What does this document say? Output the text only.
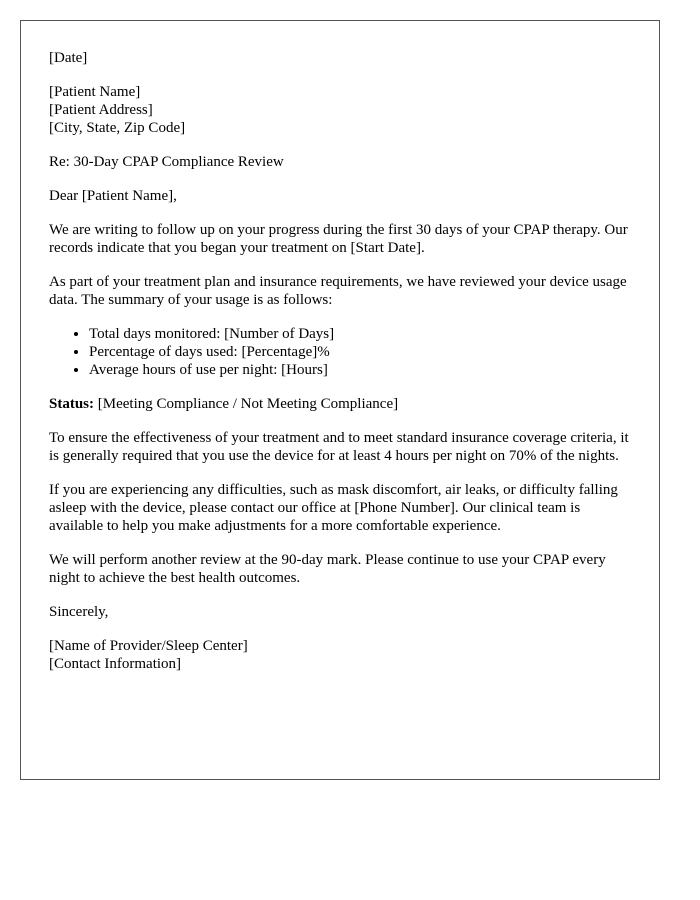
[Date]

[Patient Name]
[Patient Address]
[City, State, Zip Code]

Re: 30-Day CPAP Compliance Review

Dear [Patient Name],

We are writing to follow up on your progress during the first 30 days of your CPAP therapy. Our records indicate that you began your treatment on [Start Date].

As part of your treatment plan and insurance requirements, we have reviewed your device usage data. The summary of your usage is as follows:

• Total days monitored: [Number of Days]
• Percentage of days used: [Percentage]%
• Average hours of use per night: [Hours]

Status: [Meeting Compliance / Not Meeting Compliance]

To ensure the effectiveness of your treatment and to meet standard insurance coverage criteria, it is generally required that you use the device for at least 4 hours per night on 70% of the nights.

If you are experiencing any difficulties, such as mask discomfort, air leaks, or difficulty falling asleep with the device, please contact our office at [Phone Number]. Our clinical team is available to help you make adjustments for a more comfortable experience.

We will perform another review at the 90-day mark. Please continue to use your CPAP every night to achieve the best health outcomes.

Sincerely,

[Name of Provider/Sleep Center]
[Contact Information]
